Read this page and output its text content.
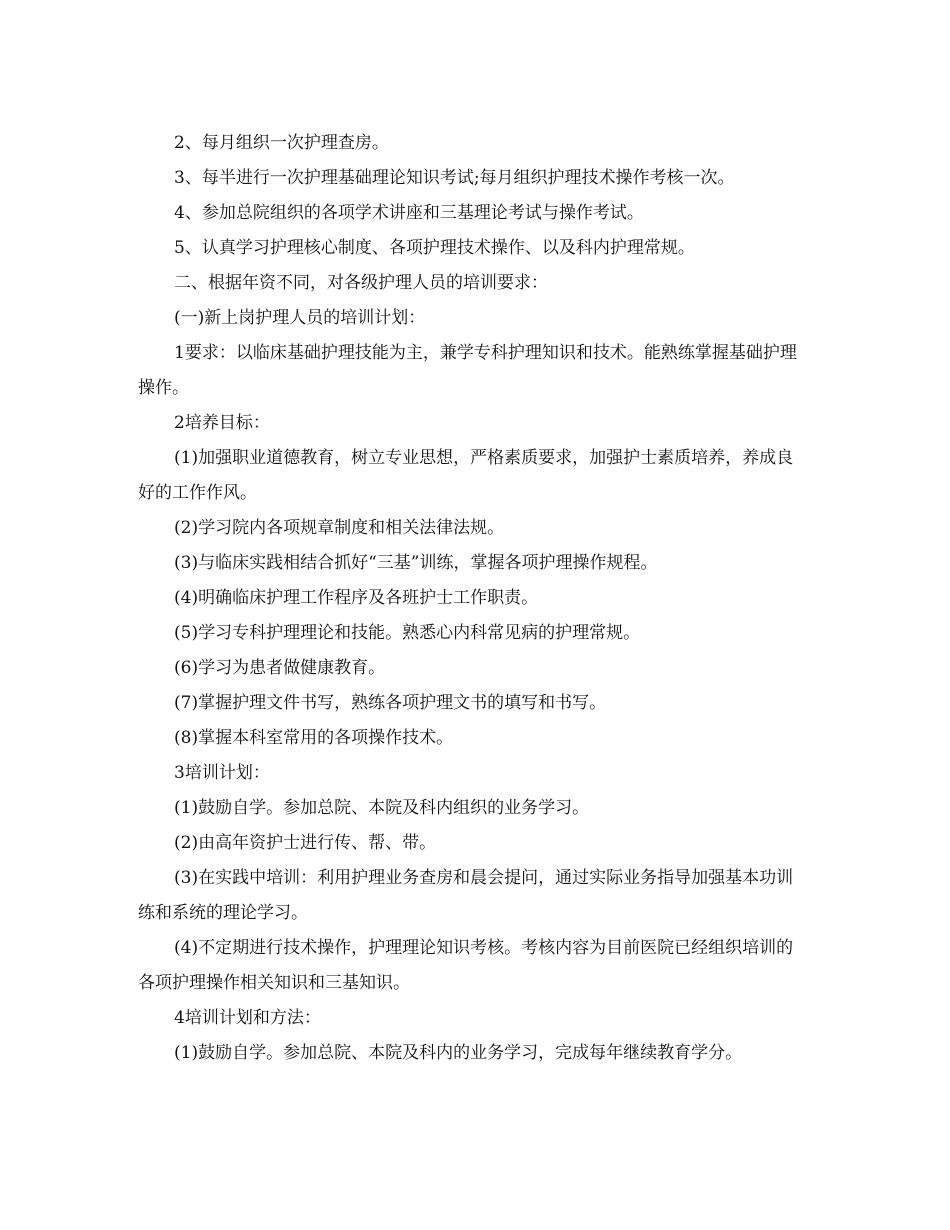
2、每月组织一次护理查房。

3、每半进行一次护理基础理论知识考试;每月组织护理技术操作考核一次。

4、参加总院组织的各项学术讲座和三基理论考试与操作考试。

5、认真学习护理核心制度、各项护理技术操作、以及科内护理常规。

二、根据年资不同，对各级护理人员的培训要求：

(一)新上岗护理人员的培训计划：

1要求：以临床基础护理技能为主，兼学专科护理知识和技术。能熟练掌握基础护理操作。

2培养目标：

(1)加强职业道德教育，树立专业思想，严格素质要求，加强护士素质培养，养成良好的工作作风。

(2)学习院内各项规章制度和相关法律法规。

(3)与临床实践相结合抓好“三基”训练，掌握各项护理操作规程。

(4)明确临床护理工作程序及各班护士工作职责。

(5)学习专科护理理论和技能。熟悉心内科常见病的护理常规。

(6)学习为患者做健康教育。

(7)掌握护理文件书写，熟练各项护理文书的填写和书写。

(8)掌握本科室常用的各项操作技术。

3培训计划：

(1)鼓励自学。参加总院、本院及科内组织的业务学习。

(2)由高年资护士进行传、帮、带。

(3)在实践中培训：利用护理业务查房和晨会提问，通过实际业务指导加强基本功训练和系统的理论学习。

(4)不定期进行技术操作，护理理论知识考核。考核内容为目前医院已经组织培训的各项护理操作相关知识和三基知识。

4培训计划和方法：

(1)鼓励自学。参加总院、本院及科内的业务学习，完成每年继续教育学分。
